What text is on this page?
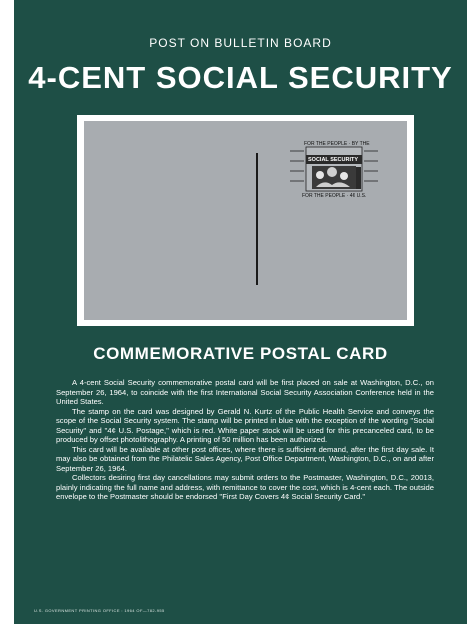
POST ON BULLETIN BOARD
4-CENT SOCIAL SECURITY
FOR THE PEOPLE · BY THE
SOCIAL SECURITY
FOR THE PEOPLE · 4¢ U.S.
COMMEMORATIVE POSTAL CARD

A 4-cent Social Security commemorative postal card will be first placed on sale at Washington, D.C., on September 26, 1964, to coincide with the first International Social Security Association Conference held in the United States.

The stamp on the card was designed by Gerald N. Kurtz of the Public Health Service and conveys the scope of the Social Security system. The stamp will be printed in blue with the exception of the wording ''Social Security'' and ''4¢ U.S. Postage,'' which is red. White paper stock will be used for this precanceled card, to be produced by offset photolithography. A printing of 50 million has been authorized.

This card will be available at other post offices, where there is sufficient demand, after the first day sale. It may also be obtained from the Philatelic Sales Agency, Post Office Department, Washington, D.C., on and after September 26, 1964.

Collectors desiring first day cancellations may submit orders to the Postmaster, Washington, D.C., 20013, plainly indicating the full name and address, with remittance to cover the cost, which is 4-cent each. The outside envelope to the Postmaster should be endorsed ''First Day Covers 4¢ Social Security Card.''

U.S. GOVERNMENT PRINTING OFFICE : 1964 OF—782-955
